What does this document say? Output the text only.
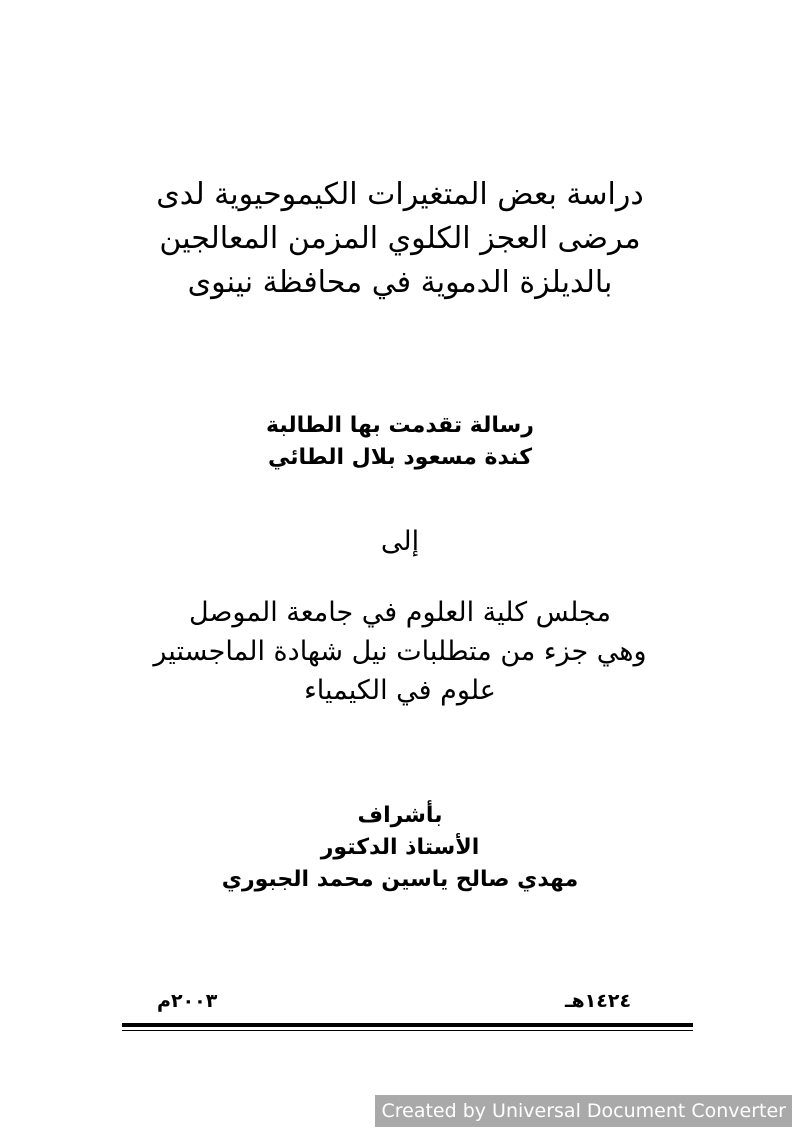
دراسة بعض المتغيرات الكيموحيوية لدى
مرضى العجز الكلوي المزمن المعالجين
بالديلزة الدموية في محافظة نينوى
رسالة تقدمت بها الطالبة
كندة مسعود بلال الطائي
إلى
مجلس كلية العلوم في جامعة الموصل
وهي جزء من متطلبات نيل شهادة الماجستير
علوم في الكيمياء
بأشراف
الأستاذ الدكتور
مهدي صالح ياسين محمد الجبوري
١٤٢٤هـ
٢٠٠٣م
Created by Universal Document Converter
